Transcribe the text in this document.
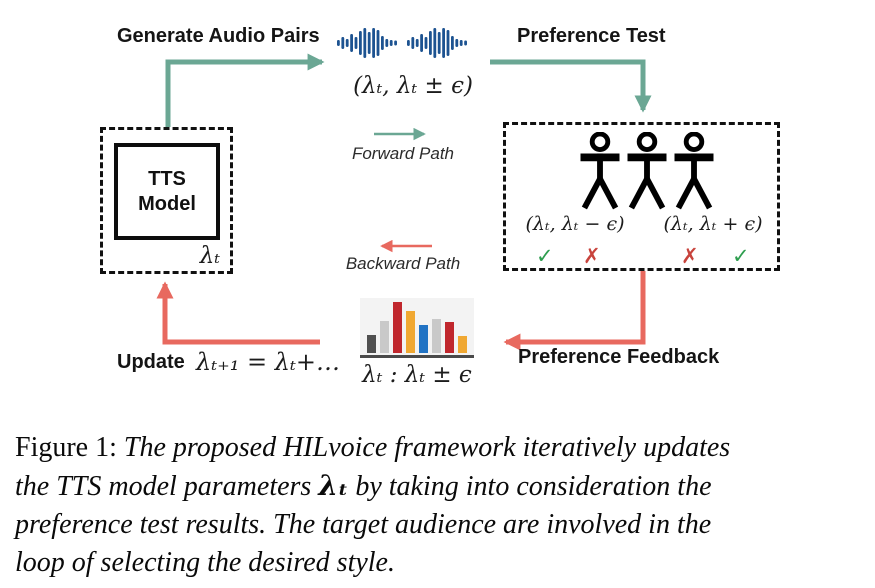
Generate Audio Pairs	Preference Test
(λₜ, λₜ ± ϵ)
Forward Path
Backward Path
TTS
Model
λₜ
(λₜ, λₜ − ϵ)	(λₜ, λₜ + ϵ)
✓ ✗	✗ ✓
λₜ : λₜ ± ϵ
Preference Feedback
Update λₜ₊₁ = λₜ+…
Figure 1: The proposed HILvoice framework iteratively updates
the TTS model parameters λₜ by taking into consideration the
preference test results. The target audience are involved in the
loop of selecting the desired style.
